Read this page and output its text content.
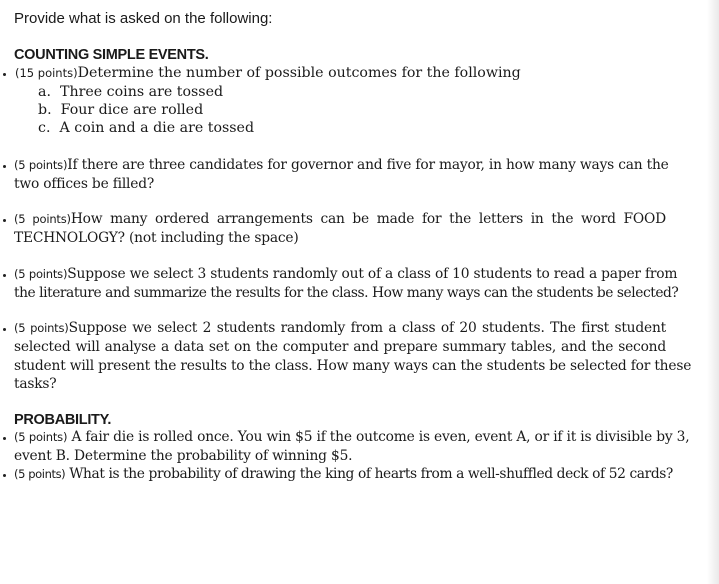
Provide what is asked on the following:
COUNTING SIMPLE EVENTS.
(15 points)Determine the number of possible outcomes for the following
a. Three coins are tossed
b. Four dice are rolled
c. A coin and a die are tossed
(5 points)If there are three candidates for governor and five for mayor, in how many ways can the
two offices be filled?
(5 points)How many ordered arrangements can be made for the letters in the word FOOD
TECHNOLOGY? (not including the space)
(5 points)Suppose we select 3 students randomly out of a class of 10 students to read a paper from
the literature and summarize the results for the class. How many ways can the students be selected?
(5 points)Suppose we select 2 students randomly from a class of 20 students. The first student
selected will analyse a data set on the computer and prepare summary tables, and the second
student will present the results to the class. How many ways can the students be selected for these
tasks?
PROBABILITY.
(5 points) A fair die is rolled once. You win $5 if the outcome is even, event A, or if it is divisible by 3,
event B. Determine the probability of winning $5.
(5 points) What is the probability of drawing the king of hearts from a well-shuffled deck of 52 cards?
